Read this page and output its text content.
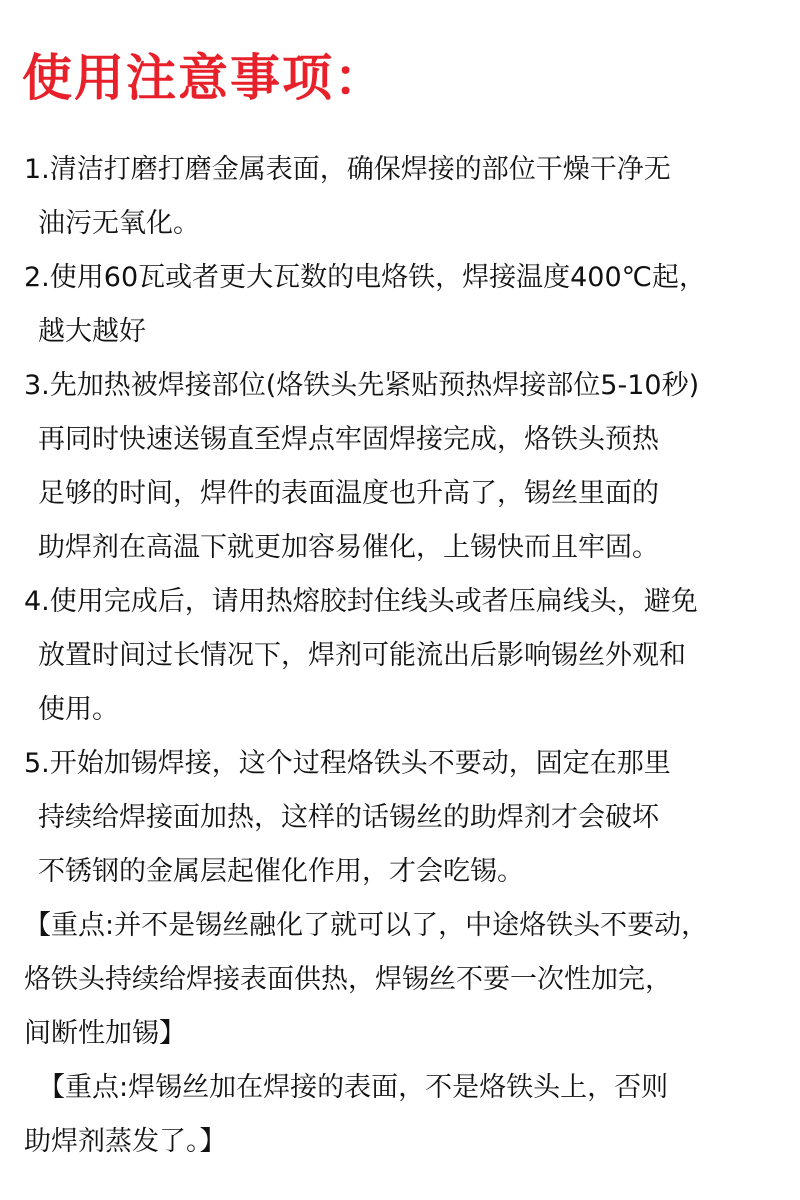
使用注意事项：
1.清洁打磨打磨金属表面，确保焊接的部位干燥干净无
油污无氧化。
2.使用60瓦或者更大瓦数的电烙铁，焊接温度400℃起，
越大越好
3.先加热被焊接部位(烙铁头先紧贴预热焊接部位5-10秒)
再同时快速送锡直至焊点牢固焊接完成，烙铁头预热
足够的时间，焊件的表面温度也升高了，锡丝里面的
助焊剂在高温下就更加容易催化，上锡快而且牢固。
4.使用完成后，请用热熔胶封住线头或者压扁线头，避免
放置时间过长情况下，焊剂可能流出后影响锡丝外观和
使用。
5.开始加锡焊接，这个过程烙铁头不要动，固定在那里
持续给焊接面加热，这样的话锡丝的助焊剂才会破坏
不锈钢的金属层起催化作用，才会吃锡。
【重点:并不是锡丝融化了就可以了，中途烙铁头不要动，
烙铁头持续给焊接表面供热，焊锡丝不要一次性加完，
间断性加锡】
【重点:焊锡丝加在焊接的表面，不是烙铁头上，否则
助焊剂蒸发了。】
